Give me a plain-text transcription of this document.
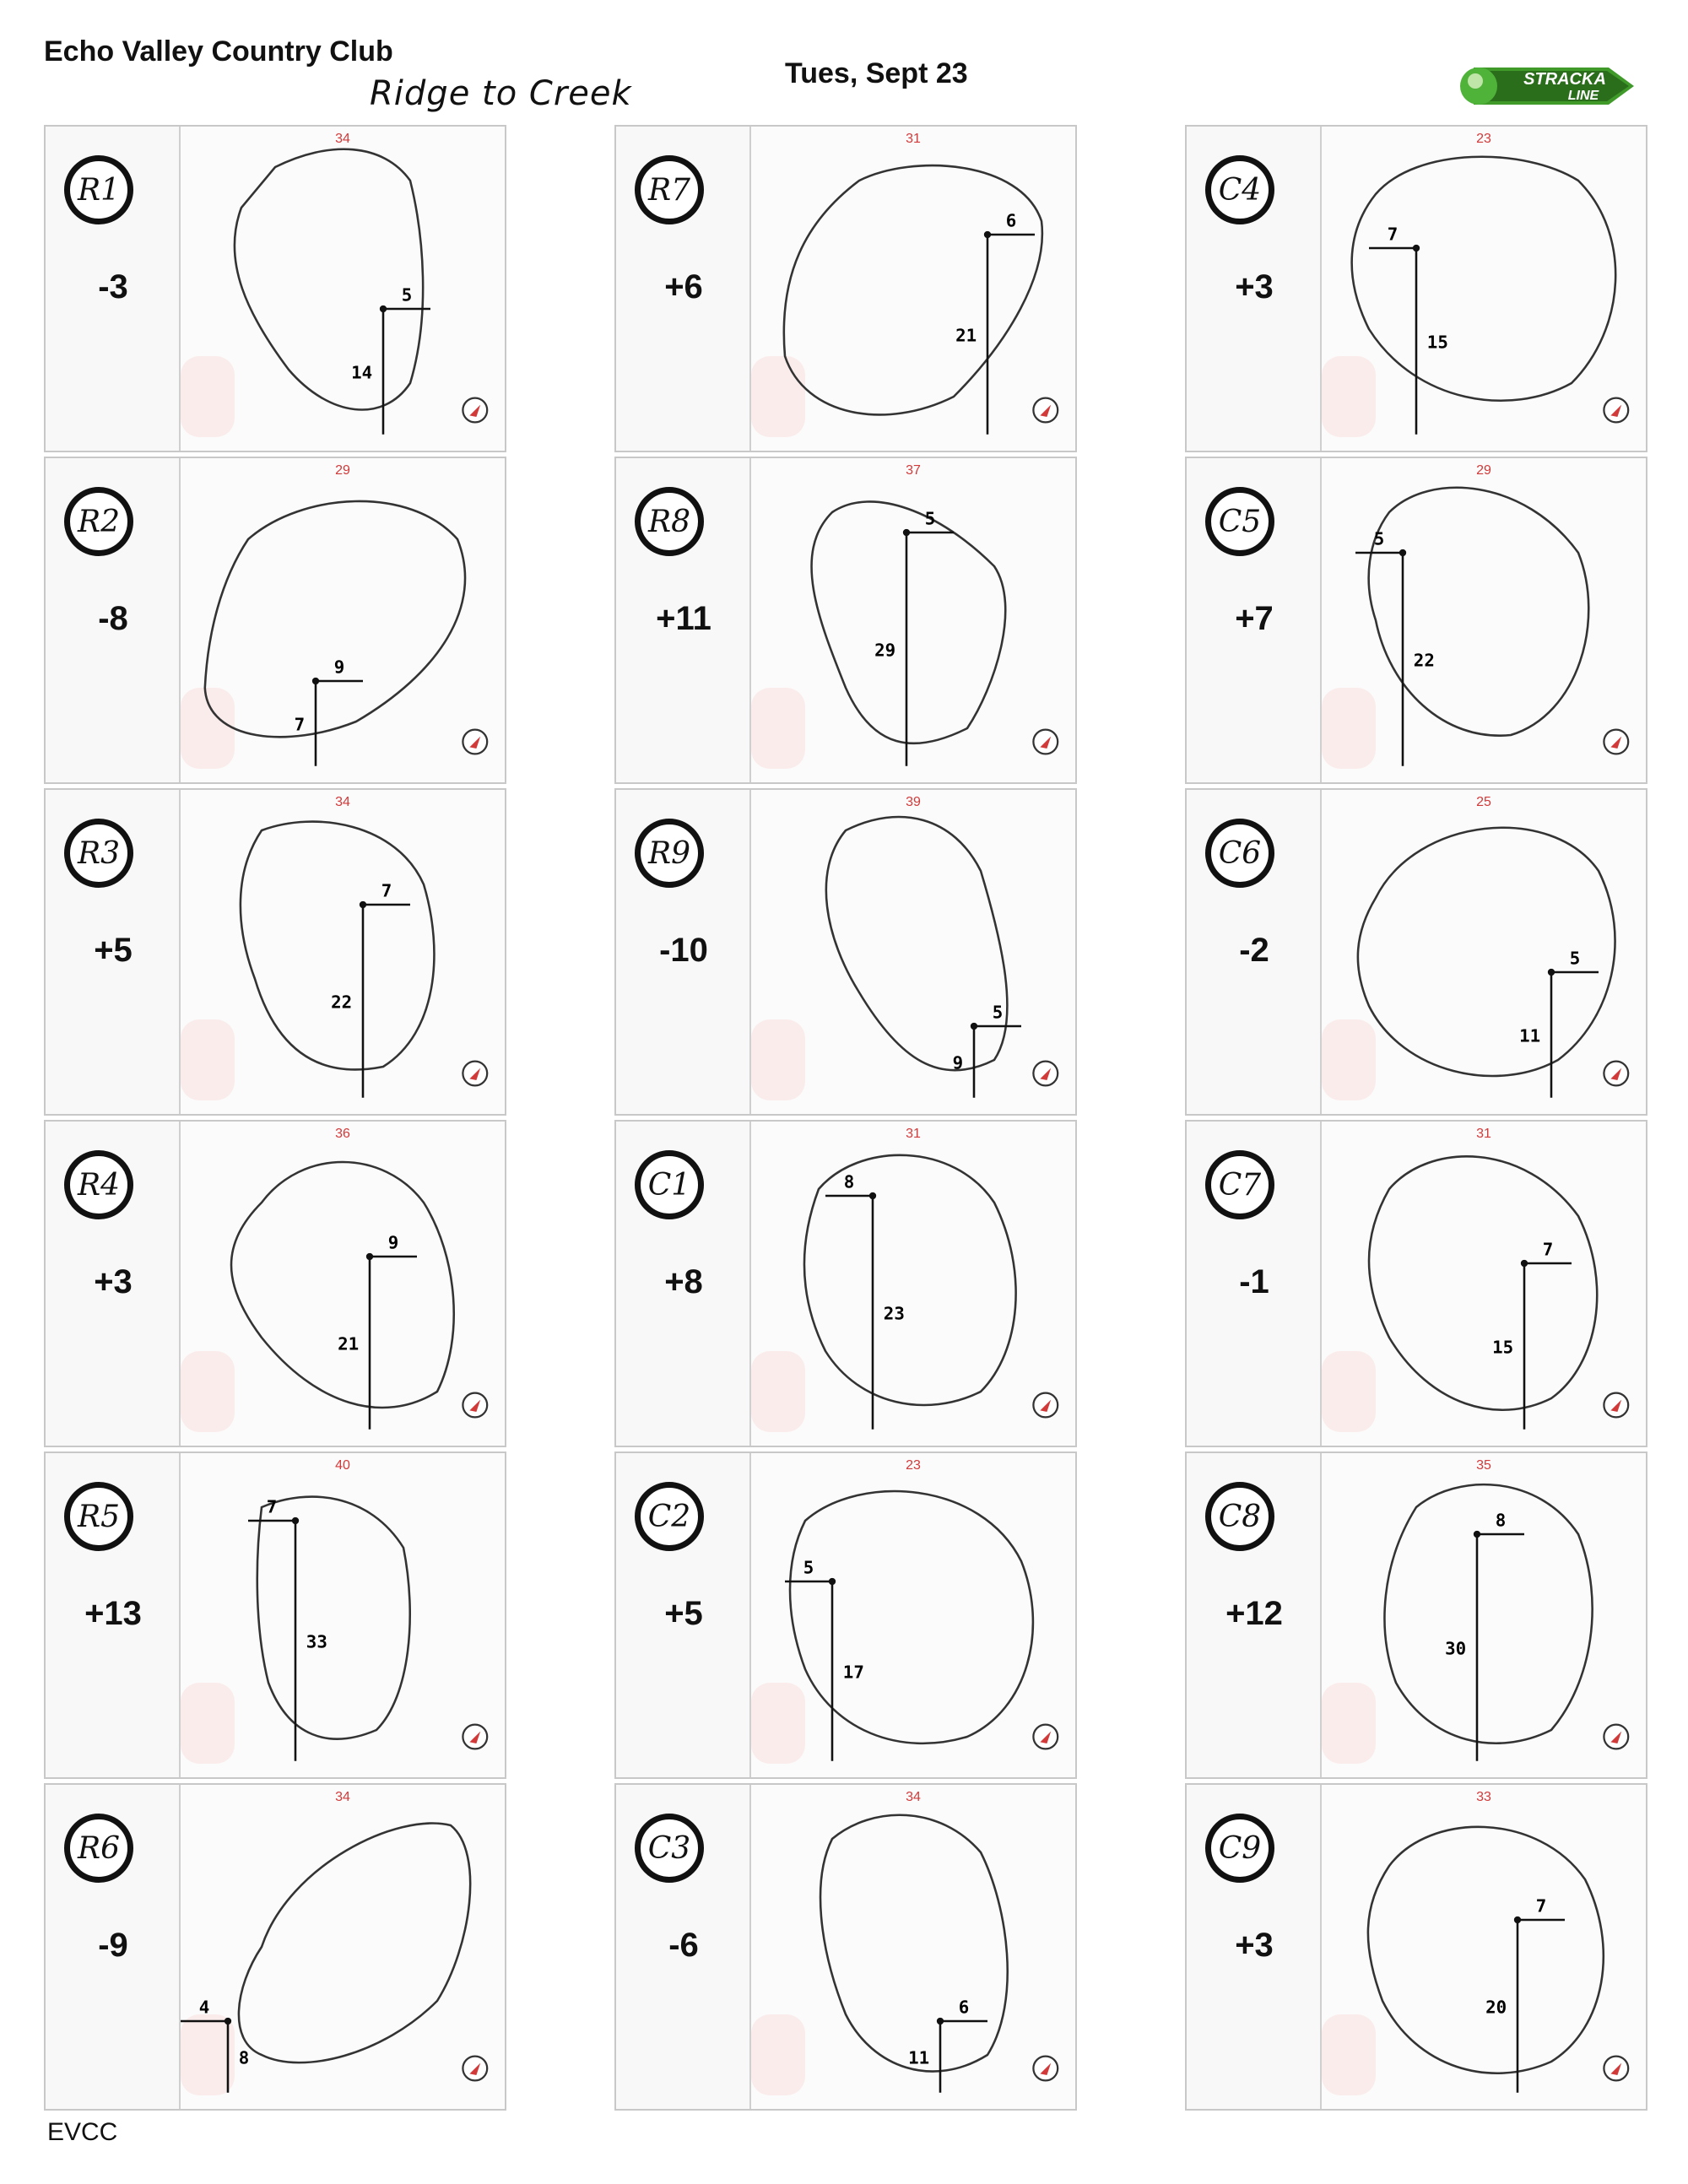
Echo Valley Country Club
Ridge to Creek
Tues, Sept 23	STRACKA
LINE
R1
-3
34
5
14
R7
+6
31
6
21
C4
+3
23
7
15
R2
-8
29
9
7
R8
+11
37
5
29
C5
+7
29
5
22
R3
+5
34
7
22
R9
-10
39
5
9
C6
-2
25
5
11
R4
+3
36
9
21
C1
+8
31
8
23
C7
-1
31
7
15
R5
+13
40
7
33
C2
+5
23
5
17
C8
+12
35
8
30
R6
-9
34
4
8
C3
-6
34
6
11
C9
+3
33
7
20
EVCC
